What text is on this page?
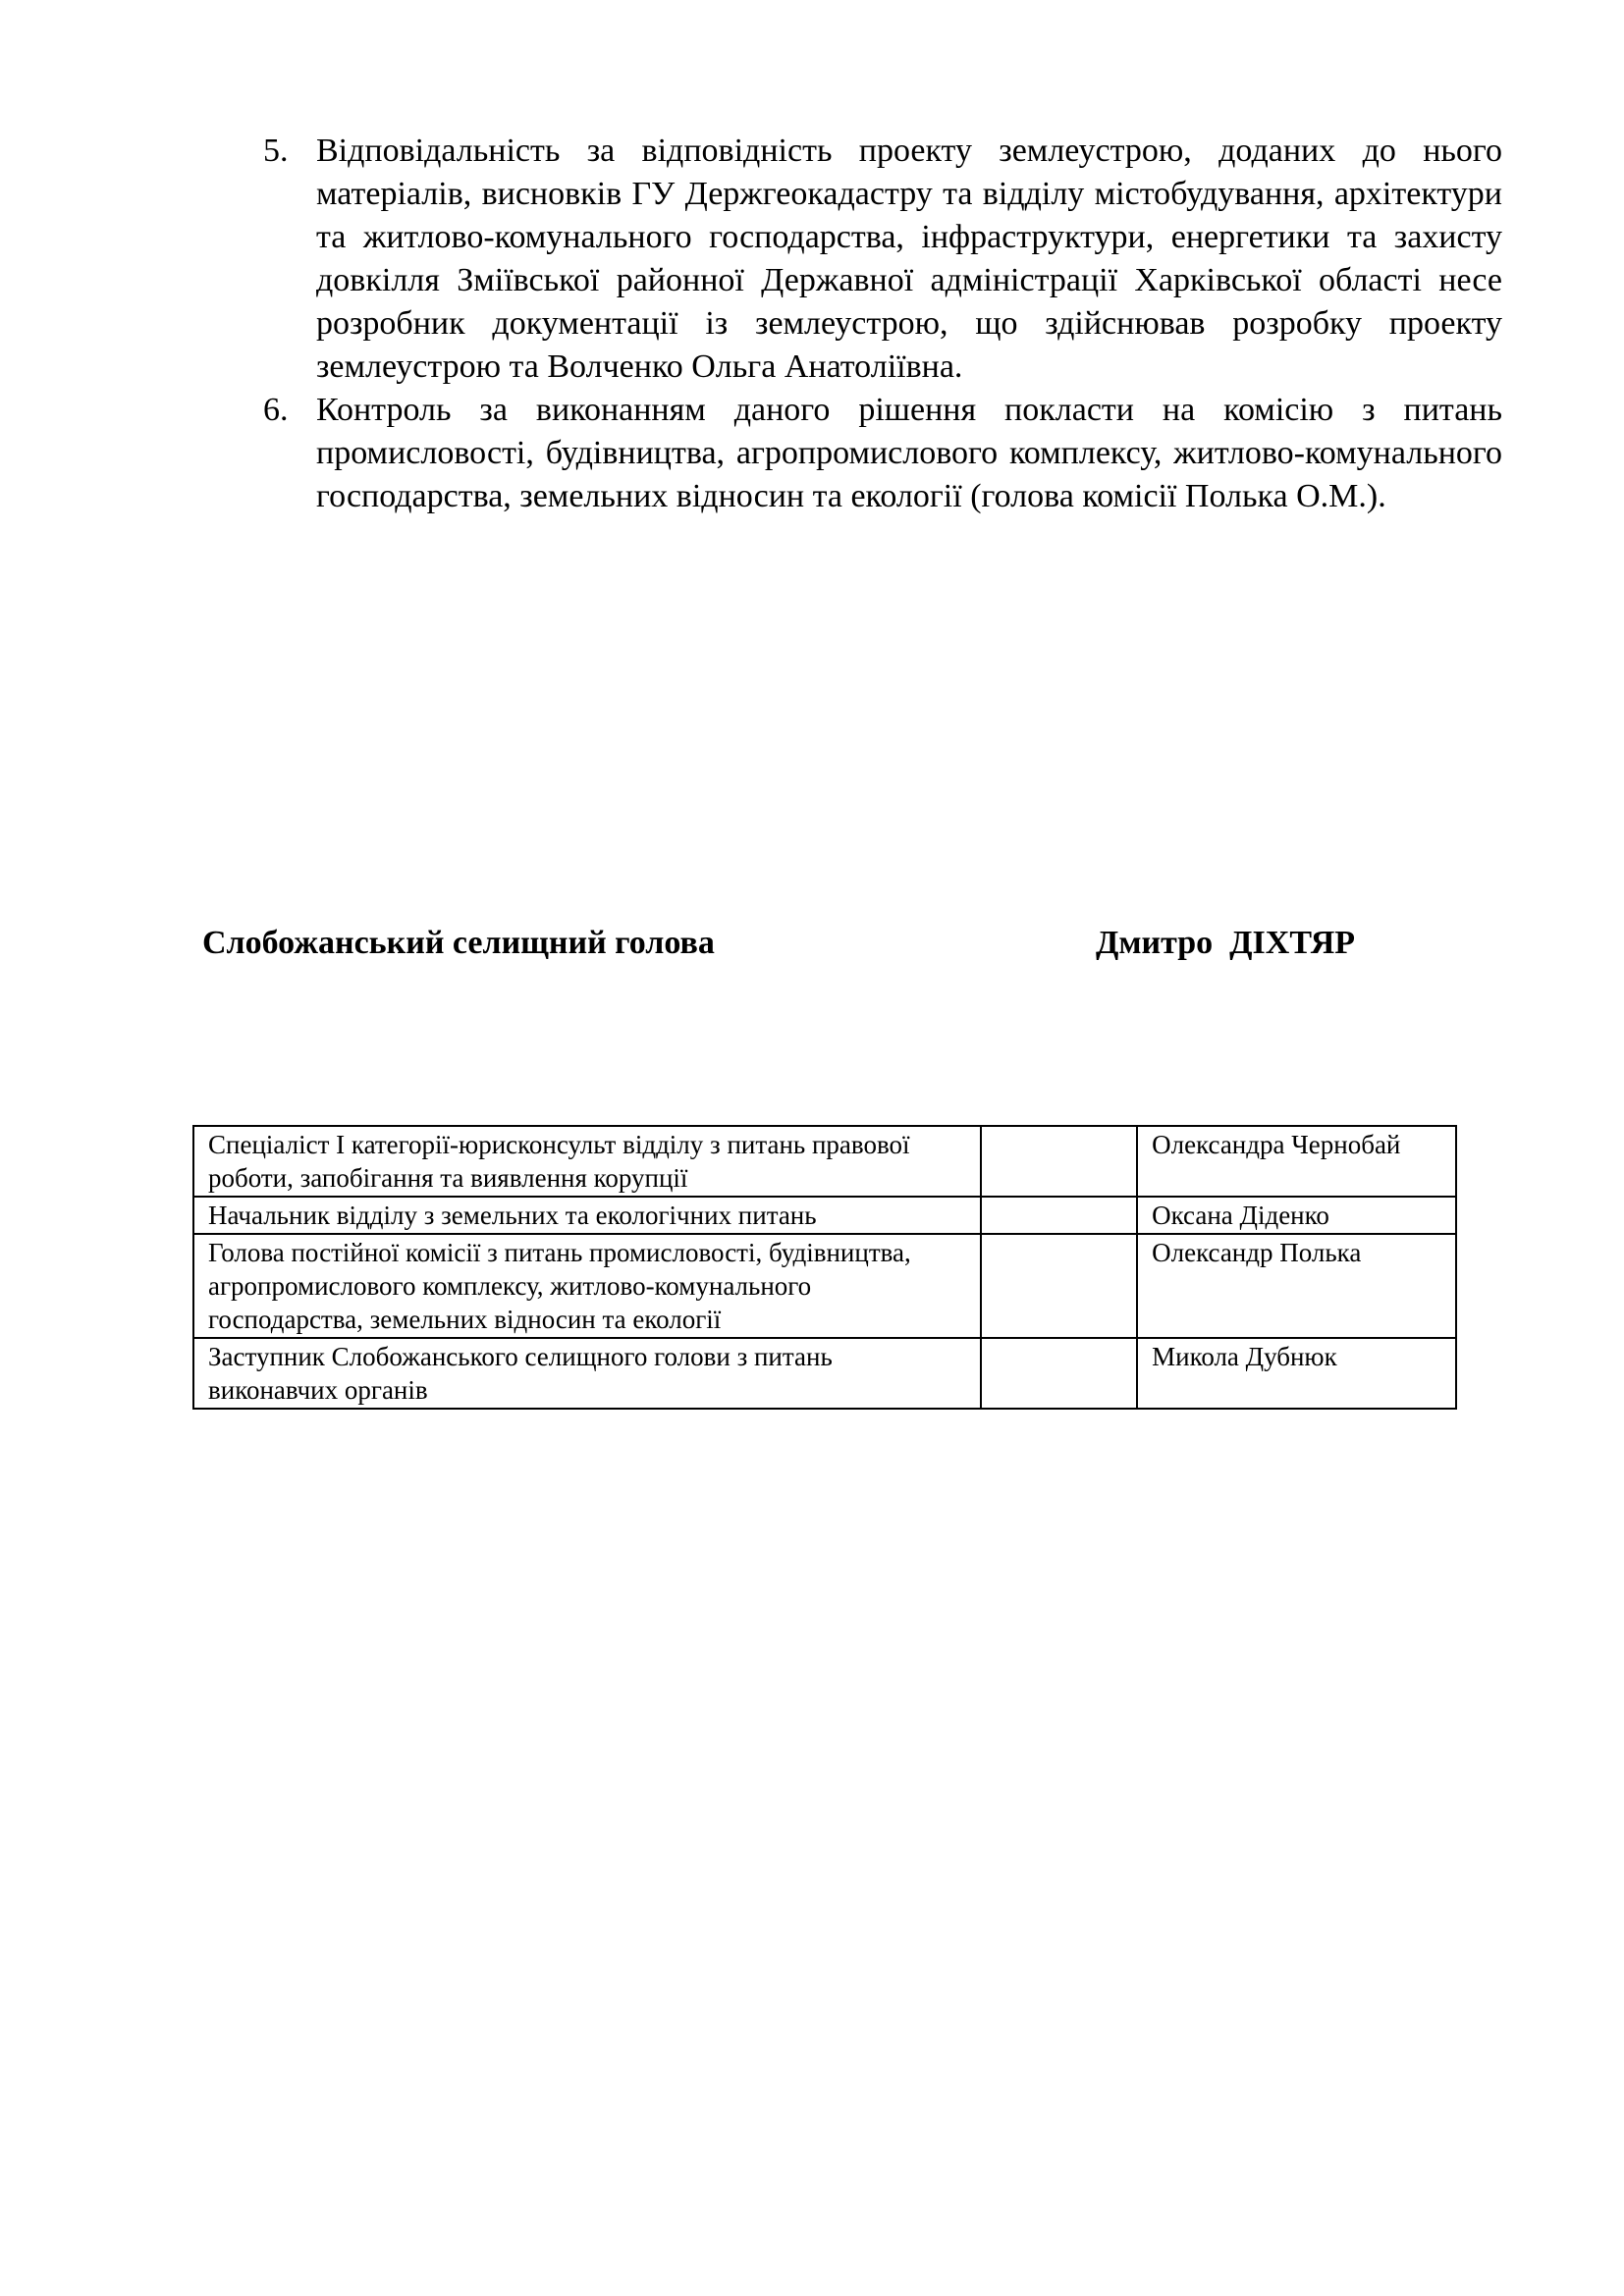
5. Відповідальність за відповідність проекту землеустрою, доданих до нього матеріалів, висновків ГУ Держгеокадастру та відділу містобудування, архітектури та житлово-комунального господарства, інфраструктури, енергетики та захисту довкілля Зміївської районної Державної адміністрації Харківської області несе розробник документації із землеустрою, що здійснював розробку проекту землеустрою та Волченко Ольга Анатоліївна.
6. Контроль за виконанням даного рішення покласти на комісію з питань промисловості, будівництва, агропромислового комплексу, житлово-комунального господарства, земельних відносин та екології (голова комісії Полька О.М.).
Слобожанський селищний голова	Дмитро  ДІХТЯР
Спеціаліст І категорії-юрисконсульт відділу з питань правової роботи, запобігання та виявлення корупції		Олександра Чернобай
Начальник відділу з земельних та екологічних питань		Оксана Діденко
Голова постійної комісії з питань промисловості, будівництва, агропромислового комплексу, житлово-комунального господарства, земельних відносин та екології		Олександр Полька
Заступник Слобожанського селищного голови з питань виконавчих органів		Микола Дубнюк
